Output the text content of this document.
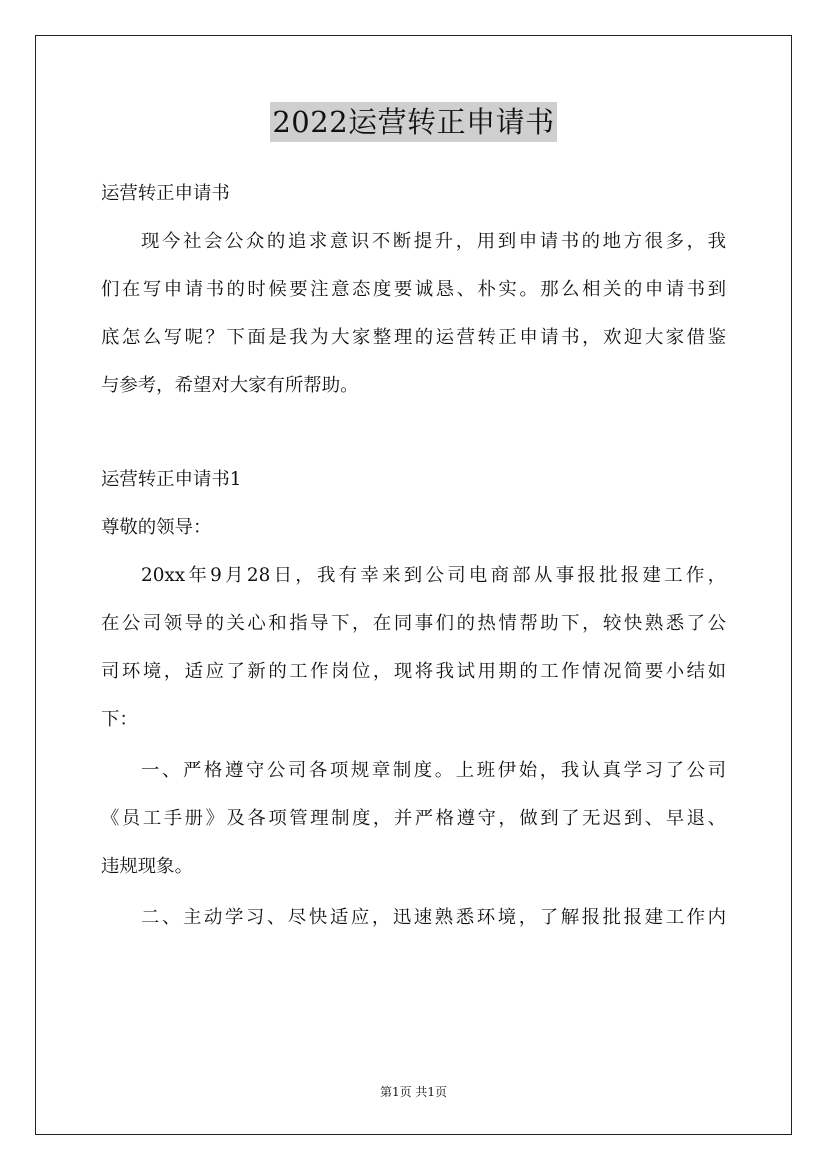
2022运营转正申请书
运营转正申请书
现今社会公众的追求意识不断提升，用到申请书的地方很多，我
们在写申请书的时候要注意态度要诚恳、朴实。那么相关的申请书到
底怎么写呢？下面是我为大家整理的运营转正申请书，欢迎大家借鉴
与参考，希望对大家有所帮助。
运营转正申请书1
尊敬的领导：
20xx年9月28日，我有幸来到公司电商部从事报批报建工作，
在公司领导的关心和指导下，在同事们的热情帮助下，较快熟悉了公
司环境，适应了新的工作岗位，现将我试用期的工作情况简要小结如
下：
一、严格遵守公司各项规章制度。上班伊始，我认真学习了公司
《员工手册》及各项管理制度，并严格遵守，做到了无迟到、早退、
违规现象。
二、主动学习、尽快适应，迅速熟悉环境，了解报批报建工作内
第1页 共1页
